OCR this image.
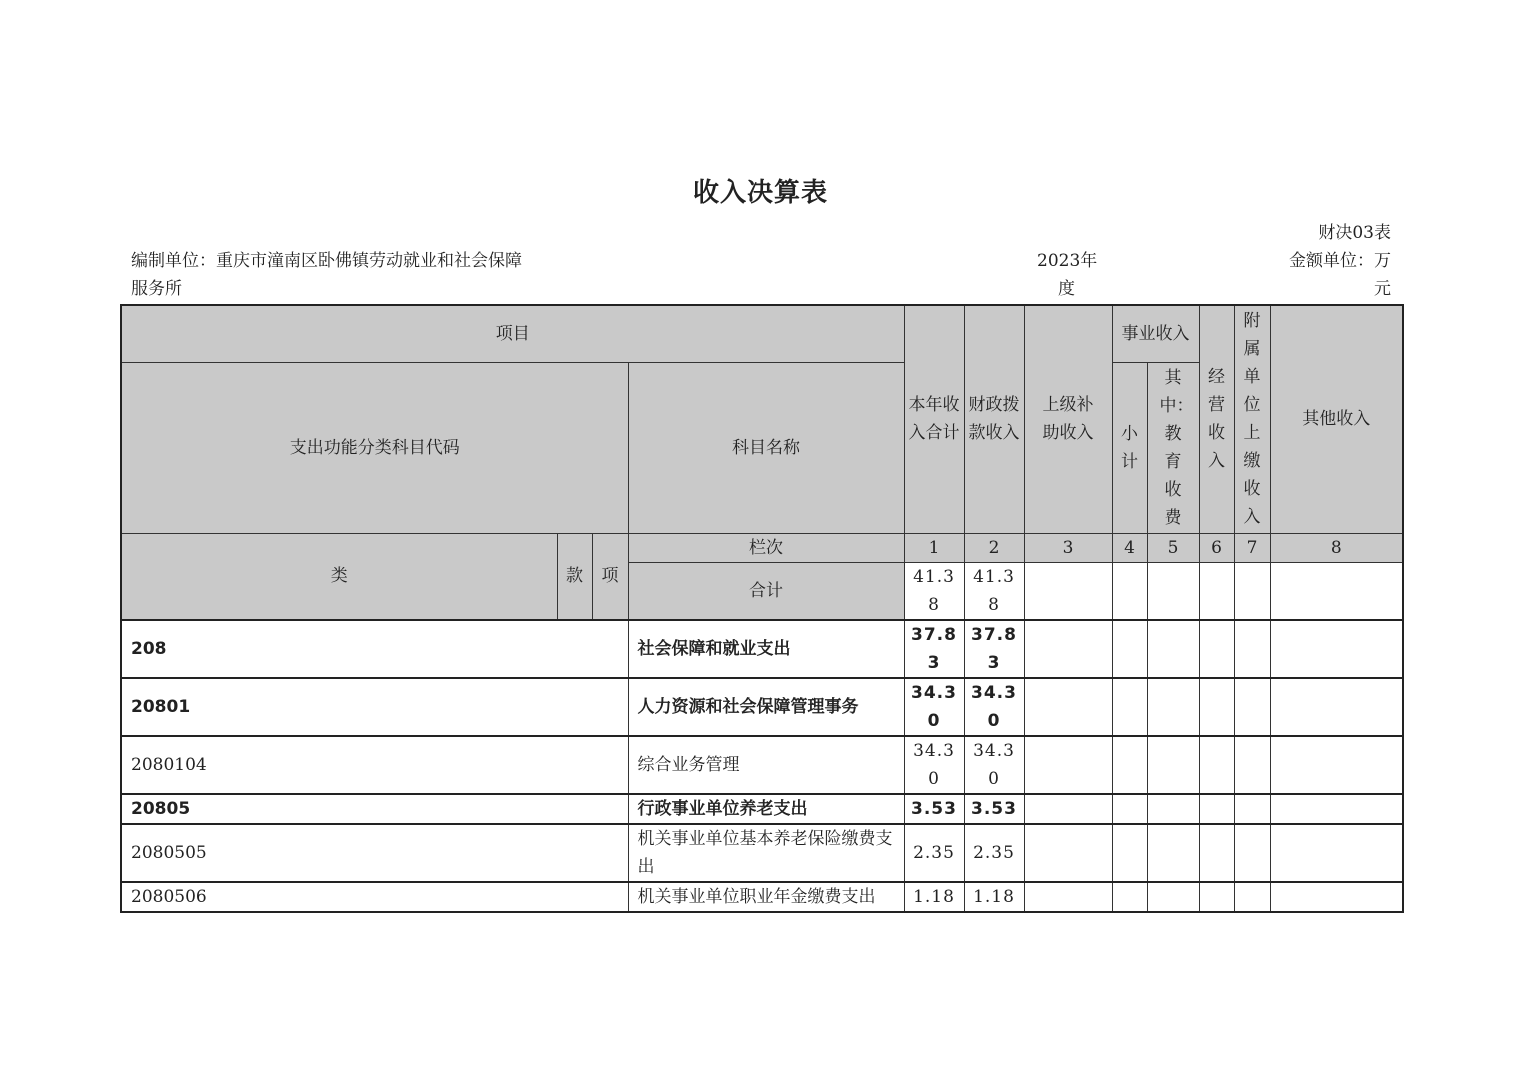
收入决算表
财决03表
编制单位：重庆市潼南区卧佛镇劳动就业和社会保障
服务所
2023年
度
金额单位：万
元
项目				本年收入合计	财政拨款收入	上级补助收入	事业收入		经营收入	附属单位上缴收入	其他收入
支出功能分类科目代码			科目名称				小计	其中：教育收费			
类	款	项	栏次	1	2	3	4	5	6	7	8
			合计	41.38	41.38						
208			社会保障和就业支出	37.83	37.83						
20801			人力资源和社会保障管理事务	34.30	34.30						
2080104			综合业务管理	34.30	34.30						
20805			行政事业单位养老支出	3.53	3.53						
2080505			机关事业单位基本养老保险缴费支出	2.35	2.35						
2080506			机关事业单位职业年金缴费支出	1.18	1.18						
